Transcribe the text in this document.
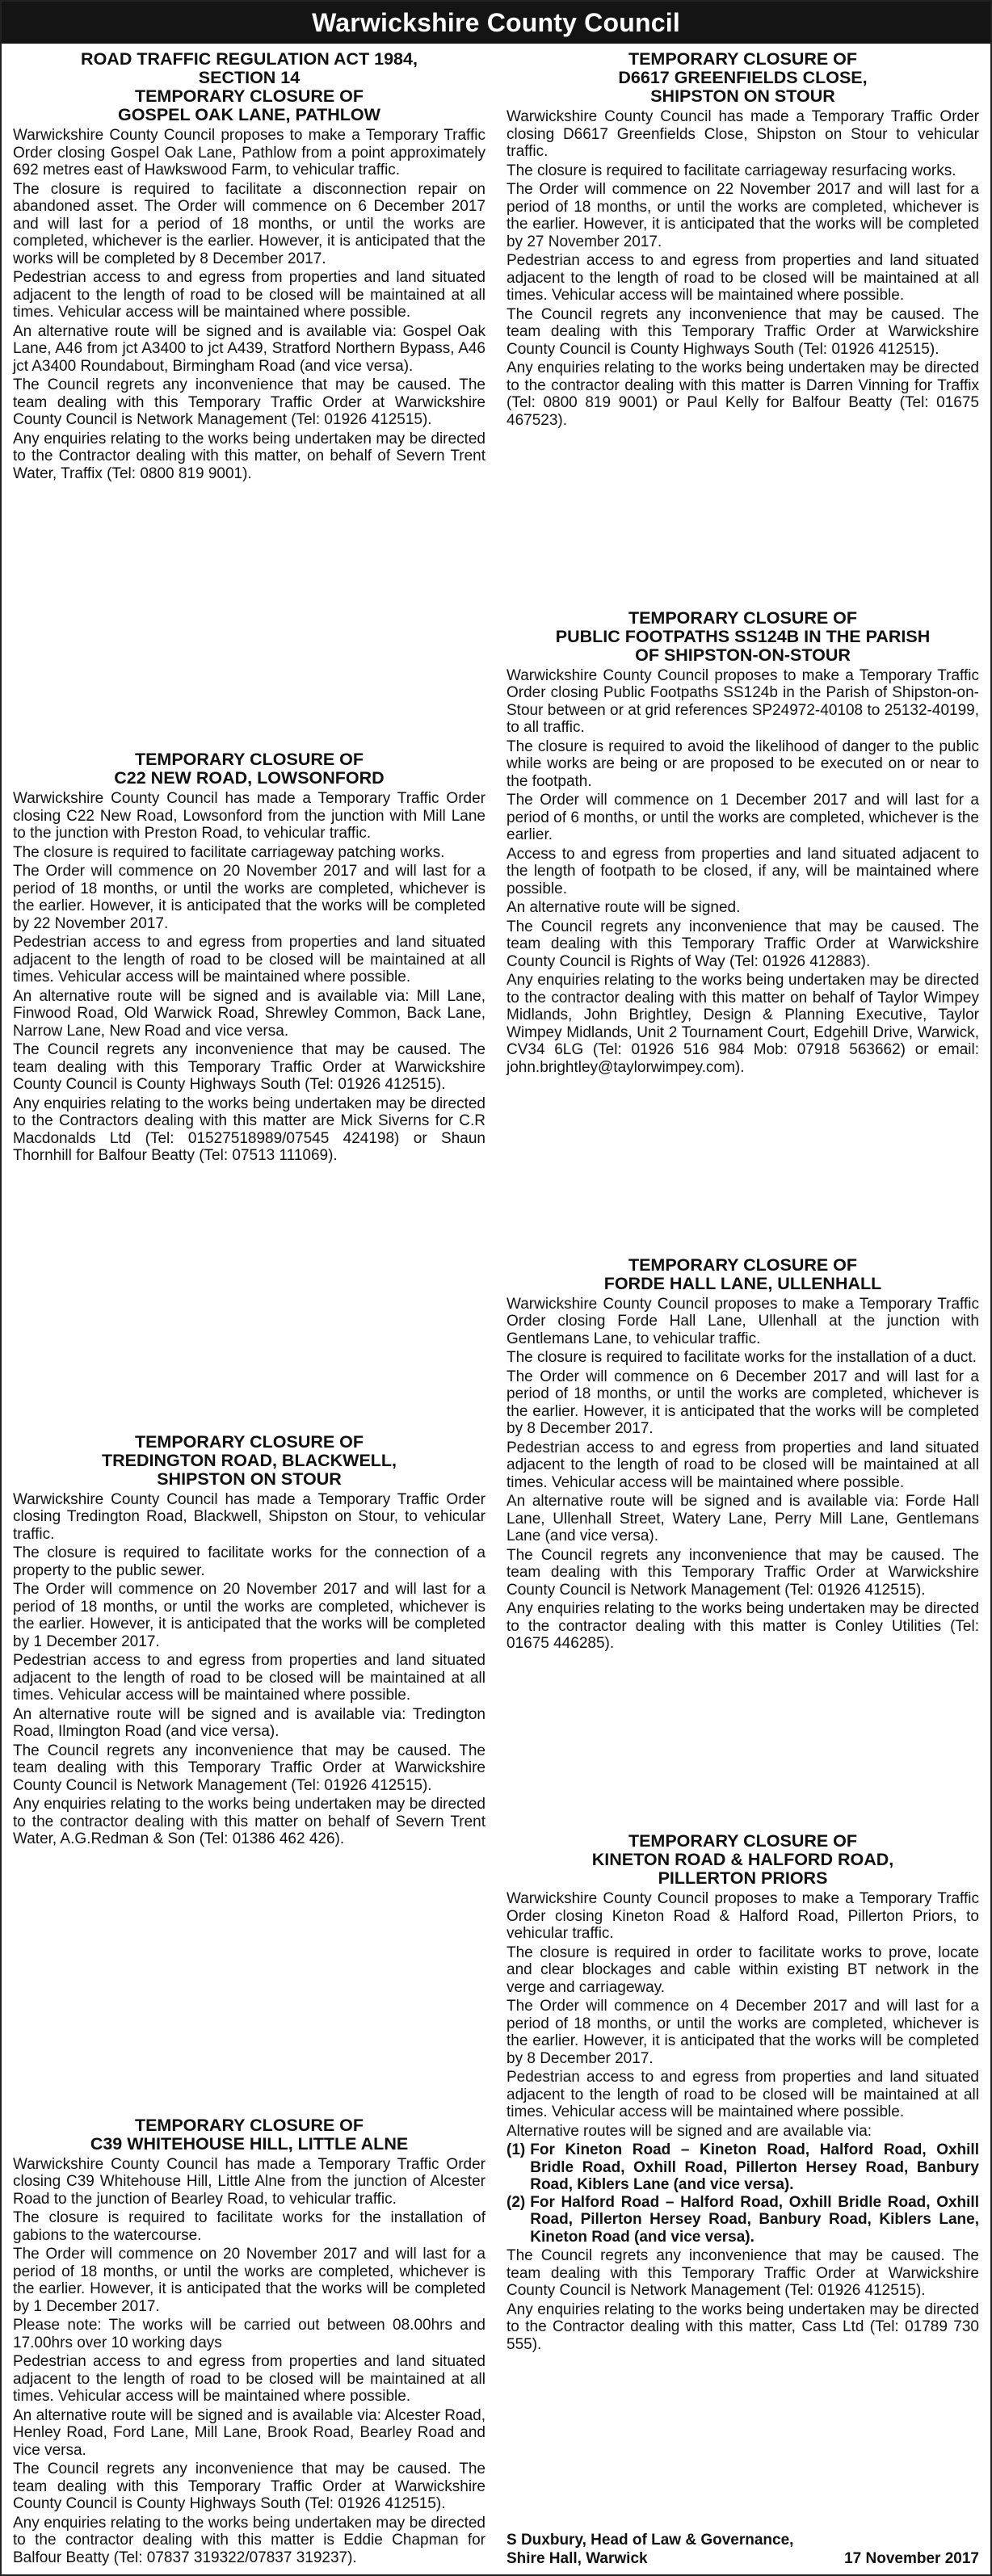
Warwickshire County Council
ROAD TRAFFIC REGULATION ACT 1984,
SECTION 14
TEMPORARY CLOSURE OF
GOSPEL OAK LANE, PATHLOW
Warwickshire County Council proposes to make a Temporary Traffic Order closing Gospel Oak Lane, Pathlow from a point approximately 692 metres east of Hawkswood Farm, to vehicular traffic.
The closure is required to facilitate a disconnection repair on abandoned asset. The Order will commence on 6 December 2017 and will last for a period of 18 months, or until the works are completed, whichever is the earlier. However, it is anticipated that the works will be completed by 8 December 2017.
Pedestrian access to and egress from properties and land situated adjacent to the length of road to be closed will be maintained at all times. Vehicular access will be maintained where possible.
An alternative route will be signed and is available via: Gospel Oak Lane, A46 from jct A3400 to jct A439, Stratford Northern Bypass, A46 jct A3400 Roundabout, Birmingham Road (and vice versa).
The Council regrets any inconvenience that may be caused. The team dealing with this Temporary Traffic Order at Warwickshire County Council is Network Management (Tel: 01926 412515).
Any enquiries relating to the works being undertaken may be directed to the Contractor dealing with this matter, on behalf of Severn Trent Water, Traffix (Tel: 0800 819 9001).
TEMPORARY CLOSURE OF
C22 NEW ROAD, LOWSONFORD
Warwickshire County Council has made a Temporary Traffic Order closing C22 New Road, Lowsonford from the junction with Mill Lane to the junction with Preston Road, to vehicular traffic.
The closure is required to facilitate carriageway patching works.
The Order will commence on 20 November 2017 and will last for a period of 18 months, or until the works are completed, whichever is the earlier. However, it is anticipated that the works will be completed by 22 November 2017.
Pedestrian access to and egress from properties and land situated adjacent to the length of road to be closed will be maintained at all times. Vehicular access will be maintained where possible.
An alternative route will be signed and is available via: Mill Lane, Finwood Road, Old Warwick Road, Shrewley Common, Back Lane, Narrow Lane, New Road and vice versa.
The Council regrets any inconvenience that may be caused. The team dealing with this Temporary Traffic Order at Warwickshire County Council is County Highways South (Tel: 01926 412515).
Any enquiries relating to the works being undertaken may be directed to the Contractors dealing with this matter are Mick Siverns for C.R Macdonalds Ltd (Tel: 01527518989/07545 424198) or Shaun Thornhill for Balfour Beatty (Tel: 07513 111069).
TEMPORARY CLOSURE OF
TREDINGTON ROAD, BLACKWELL,
SHIPSTON ON STOUR
Warwickshire County Council has made a Temporary Traffic Order closing Tredington Road, Blackwell, Shipston on Stour, to vehicular traffic.
The closure is required to facilitate works for the connection of a property to the public sewer.
The Order will commence on 20 November 2017 and will last for a period of 18 months, or until the works are completed, whichever is the earlier. However, it is anticipated that the works will be completed by 1 December 2017.
Pedestrian access to and egress from properties and land situated adjacent to the length of road to be closed will be maintained at all times. Vehicular access will be maintained where possible.
An alternative route will be signed and is available via: Tredington Road, Ilmington Road (and vice versa).
The Council regrets any inconvenience that may be caused. The team dealing with this Temporary Traffic Order at Warwickshire County Council is Network Management (Tel: 01926 412515).
Any enquiries relating to the works being undertaken may be directed to the contractor dealing with this matter on behalf of Severn Trent Water, A.G.Redman & Son (Tel: 01386 462 426).
TEMPORARY CLOSURE OF
C39 WHITEHOUSE HILL, LITTLE ALNE
Warwickshire County Council has made a Temporary Traffic Order closing C39 Whitehouse Hill, Little Alne from the junction of Alcester Road to the junction of Bearley Road, to vehicular traffic.
The closure is required to facilitate works for the installation of gabions to the watercourse.
The Order will commence on 20 November 2017 and will last for a period of 18 months, or until the works are completed, whichever is the earlier. However, it is anticipated that the works will be completed by 1 December 2017.
Please note: The works will be carried out between 08.00hrs and 17.00hrs over 10 working days
Pedestrian access to and egress from properties and land situated adjacent to the length of road to be closed will be maintained at all times. Vehicular access will be maintained where possible.
An alternative route will be signed and is available via: Alcester Road, Henley Road, Ford Lane, Mill Lane, Brook Road, Bearley Road and vice versa.
The Council regrets any inconvenience that may be caused. The team dealing with this Temporary Traffic Order at Warwickshire County Council is County Highways South (Tel: 01926 412515).
Any enquiries relating to the works being undertaken may be directed to the contractor dealing with this matter is Eddie Chapman for Balfour Beatty (Tel: 07837 319322/07837 319237).
TEMPORARY CLOSURE OF
D6617 GREENFIELDS CLOSE,
SHIPSTON ON STOUR
Warwickshire County Council has made a Temporary Traffic Order closing D6617 Greenfields Close, Shipston on Stour to vehicular traffic.
The closure is required to facilitate carriageway resurfacing works.
The Order will commence on 22 November 2017 and will last for a period of 18 months, or until the works are completed, whichever is the earlier. However, it is anticipated that the works will be completed by 27 November 2017.
Pedestrian access to and egress from properties and land situated adjacent to the length of road to be closed will be maintained at all times. Vehicular access will be maintained where possible.
The Council regrets any inconvenience that may be caused. The team dealing with this Temporary Traffic Order at Warwickshire County Council is County Highways South (Tel: 01926 412515).
Any enquiries relating to the works being undertaken may be directed to the contractor dealing with this matter is Darren Vinning for Traffix (Tel: 0800 819 9001) or Paul Kelly for Balfour Beatty (Tel: 01675 467523).
TEMPORARY CLOSURE OF
PUBLIC FOOTPATHS SS124B IN THE PARISH
OF SHIPSTON-ON-STOUR
Warwickshire County Council proposes to make a Temporary Traffic Order closing Public Footpaths SS124b in the Parish of Shipston-on-Stour between or at grid references SP24972-40108 to 25132-40199, to all traffic.
The closure is required to avoid the likelihood of danger to the public while works are being or are proposed to be executed on or near to the footpath.
The Order will commence on 1 December 2017 and will last for a period of 6 months, or until the works are completed, whichever is the earlier.
Access to and egress from properties and land situated adjacent to the length of footpath to be closed, if any, will be maintained where possible.
An alternative route will be signed.
The Council regrets any inconvenience that may be caused. The team dealing with this Temporary Traffic Order at Warwickshire County Council is Rights of Way (Tel: 01926 412883).
Any enquiries relating to the works being undertaken may be directed to the contractor dealing with this matter on behalf of Taylor Wimpey Midlands, John Brightley, Design & Planning Executive, Taylor Wimpey Midlands, Unit 2 Tournament Court, Edgehill Drive, Warwick, CV34 6LG (Tel: 01926 516 984 Mob: 07918 563662) or email: john.brightley@taylorwimpey.com).
TEMPORARY CLOSURE OF
FORDE HALL LANE, ULLENHALL
Warwickshire County Council proposes to make a Temporary Traffic Order closing Forde Hall Lane, Ullenhall at the junction with Gentlemans Lane, to vehicular traffic.
The closure is required to facilitate works for the installation of a duct.
The Order will commence on 6 December 2017 and will last for a period of 18 months, or until the works are completed, whichever is the earlier. However, it is anticipated that the works will be completed by 8 December 2017.
Pedestrian access to and egress from properties and land situated adjacent to the length of road to be closed will be maintained at all times. Vehicular access will be maintained where possible.
An alternative route will be signed and is available via: Forde Hall Lane, Ullenhall Street, Watery Lane, Perry Mill Lane, Gentlemans Lane (and vice versa).
The Council regrets any inconvenience that may be caused. The team dealing with this Temporary Traffic Order at Warwickshire County Council is Network Management (Tel: 01926 412515).
Any enquiries relating to the works being undertaken may be directed to the contractor dealing with this matter is Conley Utilities (Tel: 01675 446285).
TEMPORARY CLOSURE OF
KINETON ROAD & HALFORD ROAD,
PILLERTON PRIORS
Warwickshire County Council proposes to make a Temporary Traffic Order closing Kineton Road & Halford Road, Pillerton Priors, to vehicular traffic.
The closure is required in order to facilitate works to prove, locate and clear blockages and cable within existing BT network in the verge and carriageway.
The Order will commence on 4 December 2017 and will last for a period of 18 months, or until the works are completed, whichever is the earlier. However, it is anticipated that the works will be completed by 8 December 2017.
Pedestrian access to and egress from properties and land situated adjacent to the length of road to be closed will be maintained at all times. Vehicular access will be maintained where possible.
Alternative routes will be signed and are available via:
(1) For Kineton Road – Kineton Road, Halford Road, Oxhill Bridle Road, Oxhill Road, Pillerton Hersey Road, Banbury Road, Kiblers Lane (and vice versa).
(2) For Halford Road – Halford Road, Oxhill Bridle Road, Oxhill Road, Pillerton Hersey Road, Banbury Road, Kiblers Lane, Kineton Road (and vice versa).
The Council regrets any inconvenience that may be caused. The team dealing with this Temporary Traffic Order at Warwickshire County Council is Network Management (Tel: 01926 412515).
Any enquiries relating to the works being undertaken may be directed to the Contractor dealing with this matter, Cass Ltd (Tel: 01789 730 555).
S Duxbury, Head of Law & Governance,
Shire Hall, Warwick	17 November 2017
